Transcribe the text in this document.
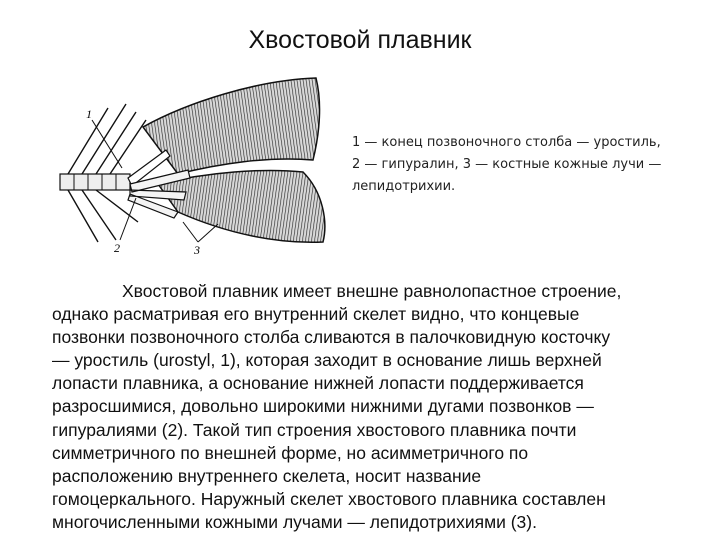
Хвостовой плавник
1
2	3
1 — конец позвоночного столба — уростиль,
2 — гипуралин, 3 — костные кожные лучи —
лепидотрихии.
Хвостовой плавник имеет внешне равнолопастное строение,
однако расматривая его внутренний скелет видно, что концевые
позвонки позвоночного столба сливаются в палочковидную косточку
— уростиль (urostyl, 1), которая заходит в основание лишь верхней
лопасти плавника, а основание нижней лопасти поддерживается
разросшимися, довольно широкими нижними дугами позвонков —
гипуралиями (2). Такой тип строения хвостового плавника почти
симметричного по внешней форме, но асимметричного по
расположению внутреннего скелета, носит название
гомоцеркального. Наружный скелет хвостового плавника составлен
многочисленными кожными лучами — лепидотрихиями (3).
